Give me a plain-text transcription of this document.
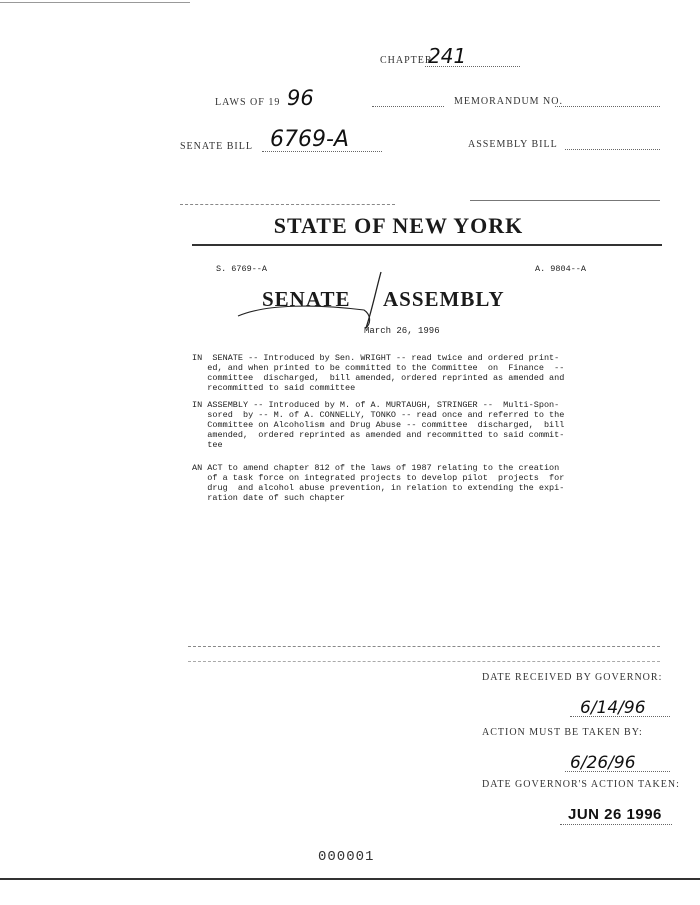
CHAPTER
241
LAWS OF 19 96	MEMORANDUM NO.
SENATE BILL 6769-A	ASSEMBLY BILL
STATE OF NEW YORK
S. 6769--A	A. 9804--A
SENATE ASSEMBLY
March 26, 1996
IN  SENATE -- Introduced by Sen. WRIGHT -- read twice and ordered print-
ed, and when printed to be committed to the Committee  on  Finance  --
committee  discharged,  bill amended, ordered reprinted as amended and
recommitted to said committee
IN ASSEMBLY -- Introduced by M. of A. MURTAUGH, STRINGER --  Multi-Spon-
sored  by -- M. of A. CONNELLY, TONKO -- read once and referred to the
Committee on Alcoholism and Drug Abuse -- committee  discharged,  bill
amended,  ordered reprinted as amended and recommitted to said commit-
tee
AN ACT to amend chapter 812 of the laws of 1987 relating to the creation
of a task force on integrated projects to develop pilot  projects  for
drug  and alcohol abuse prevention, in relation to extending the expi-
ration date of such chapter
DATE RECEIVED BY GOVERNOR:
6/14/96
ACTION MUST BE TAKEN BY:
6/26/96
DATE GOVERNOR'S ACTION TAKEN:
JUN 26 1996
000001
